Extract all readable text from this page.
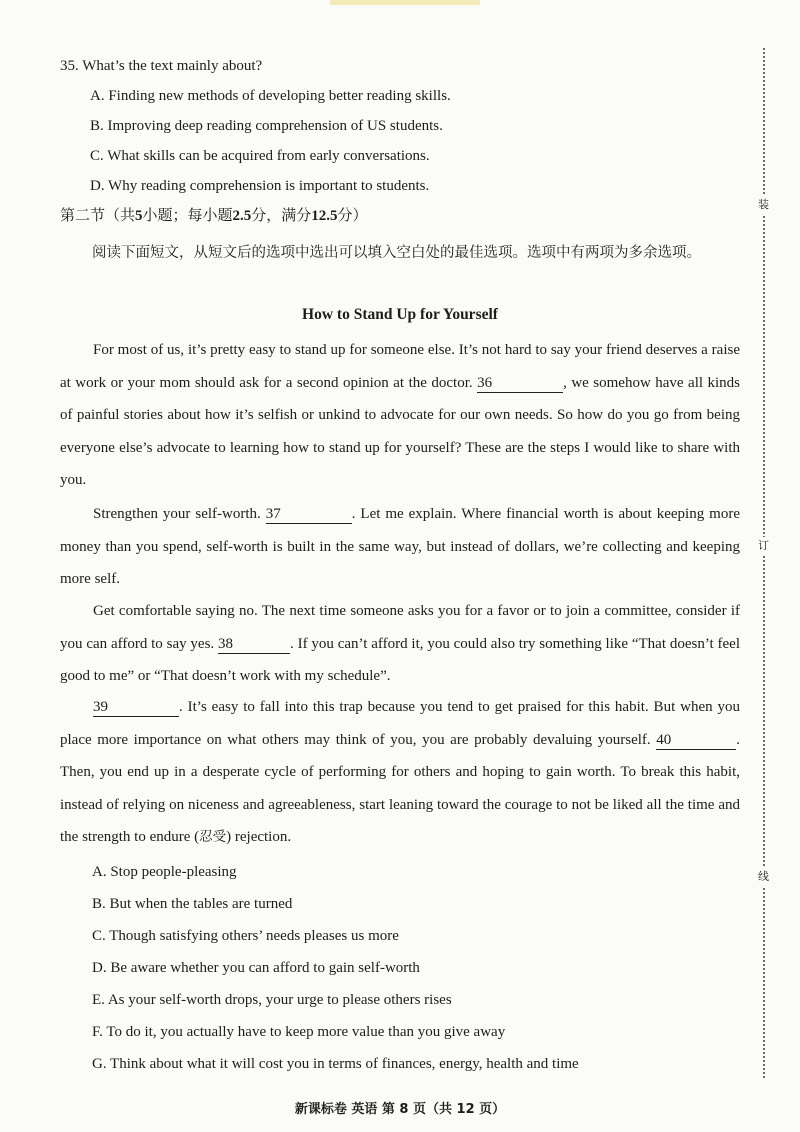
装
订
线
35. What’s the text mainly about?
A. Finding new methods of developing better reading skills.
B. Improving deep reading comprehension of US students.
C. What skills can be acquired from early conversations.
D. Why reading comprehension is important to students.
第二节（共5小题；每小题2.5分，满分12.5分）
阅读下面短文，从短文后的选项中选出可以填入空白处的最佳选项。选项中有两项为多余选项。
How to Stand Up for Yourself
For most of us, it’s pretty easy to stand up for someone else. It’s not hard to say your friend deserves a raise at work or your mom should ask for a second opinion at the doctor. 36	, we somehow have all kinds of painful stories about how it’s selfish or unkind to advocate for our own needs. So how do you go from being everyone else’s advocate to learning how to stand up for yourself? These are the steps I would like to share with you.
Strengthen your self-worth. 37	. Let me explain. Where financial worth is about keeping more money than you spend, self-worth is built in the same way, but instead of dollars, we’re collecting and keeping more self.
Get comfortable saying no. The next time someone asks you for a favor or to join a committee, consider if you can afford to say yes. 38	. If you can’t afford it, you could also try something like “That doesn’t feel good to me” or “That doesn’t work with my schedule”.
39	. It’s easy to fall into this trap because you tend to get praised for this habit. But when you place more importance on what others may think of you, you are probably devaluing yourself. 40	. Then, you end up in a desperate cycle of performing for others and hoping to gain worth. To break this habit, instead of relying on niceness and agreeableness, start leaning toward the courage to not be liked all the time and the strength to endure (忍受) rejection.
A. Stop people-pleasing
B. But when the tables are turned
C. Though satisfying others’ needs pleases us more
D. Be aware whether you can afford to gain self-worth
E. As your self-worth drops, your urge to please others rises
F. To do it, you actually have to keep more value than you give away
G. Think about what it will cost you in terms of finances, energy, health and time
新课标卷 英语 第 8 页（共 12 页）
